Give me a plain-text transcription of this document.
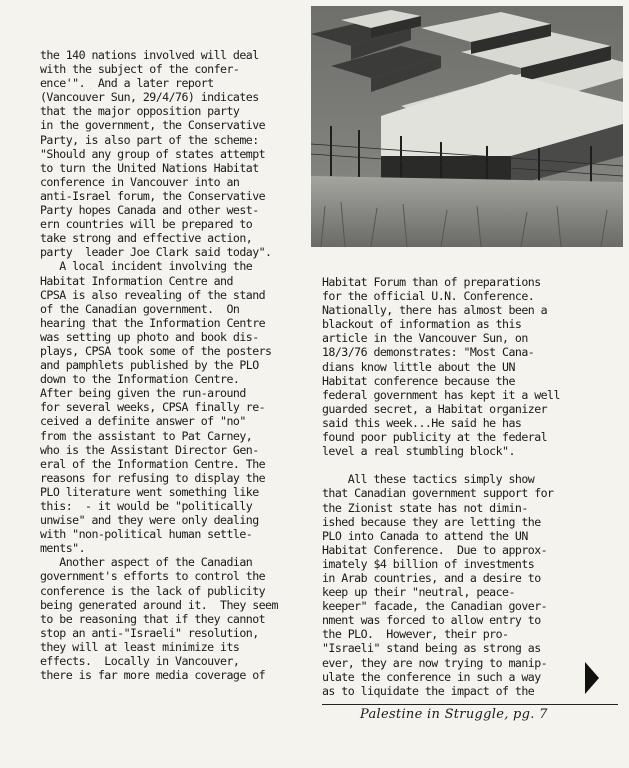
the 140 nations involved will deal
with the subject of the confer-
ence'".  And a later report
(Vancouver Sun, 29/4/76) indicates
that the major opposition party
in the government, the Conservative
Party, is also part of the scheme:
"Should any group of states attempt
to turn the United Nations Habitat
conference in Vancouver into an
anti-Israel forum, the Conservative
Party hopes Canada and other west-
ern countries will be prepared to
take strong and effective action,
party  leader Joe Clark said today".
A local incident involving the
Habitat Information Centre and
CPSA is also revealing of the stand
of the Canadian government.  On
hearing that the Information Centre
was setting up photo and book dis-
plays, CPSA took some of the posters
and pamphlets published by the PLO
down to the Information Centre.
After being given the run-around
for several weeks, CPSA finally re-
ceived a definite answer of "no"
from the assistant to Pat Carney,
who is the Assistant Director Gen-
eral of the Information Centre. The
reasons for refusing to display the
PLO literature went something like
this:  - it would be "politically
unwise" and they were only dealing
with "non-political human settle-
ments".
Another aspect of the Canadian
government's efforts to control the
conference is the lack of publicity
being generated around it.  They seem
to be reasoning that if they cannot
stop an anti-"Israeli" resolution,
they will at least minimize its
effects.  Locally in Vancouver,
there is far more media coverage of
Habitat Forum than of preparations
for the official U.N. Conference.
Nationally, there has almost been a
blackout of information as this
article in the Vancouver Sun, on
18/3/76 demonstrates: "Most Cana-
dians know little about the UN
Habitat conference because the
federal government has kept it a well
guarded secret, a Habitat organizer
said this week...He said he has
found poor publicity at the federal
level a real stumbling block".
All these tactics simply show
that Canadian government support for
the Zionist state has not dimin-
ished because they are letting the
PLO into Canada to attend the UN
Habitat Conference.  Due to approx-
imately $4 billion of investments
in Arab countries, and a desire to
keep up their "neutral, peace-
keeper" facade, the Canadian gover-
nment was forced to allow entry to
the PLO.  However, their pro-
"Israeli" stand being as strong as
ever, they are now trying to manip-
ulate the conference in such a way
as to liquidate the impact of the
Palestine in Struggle, pg. 7
